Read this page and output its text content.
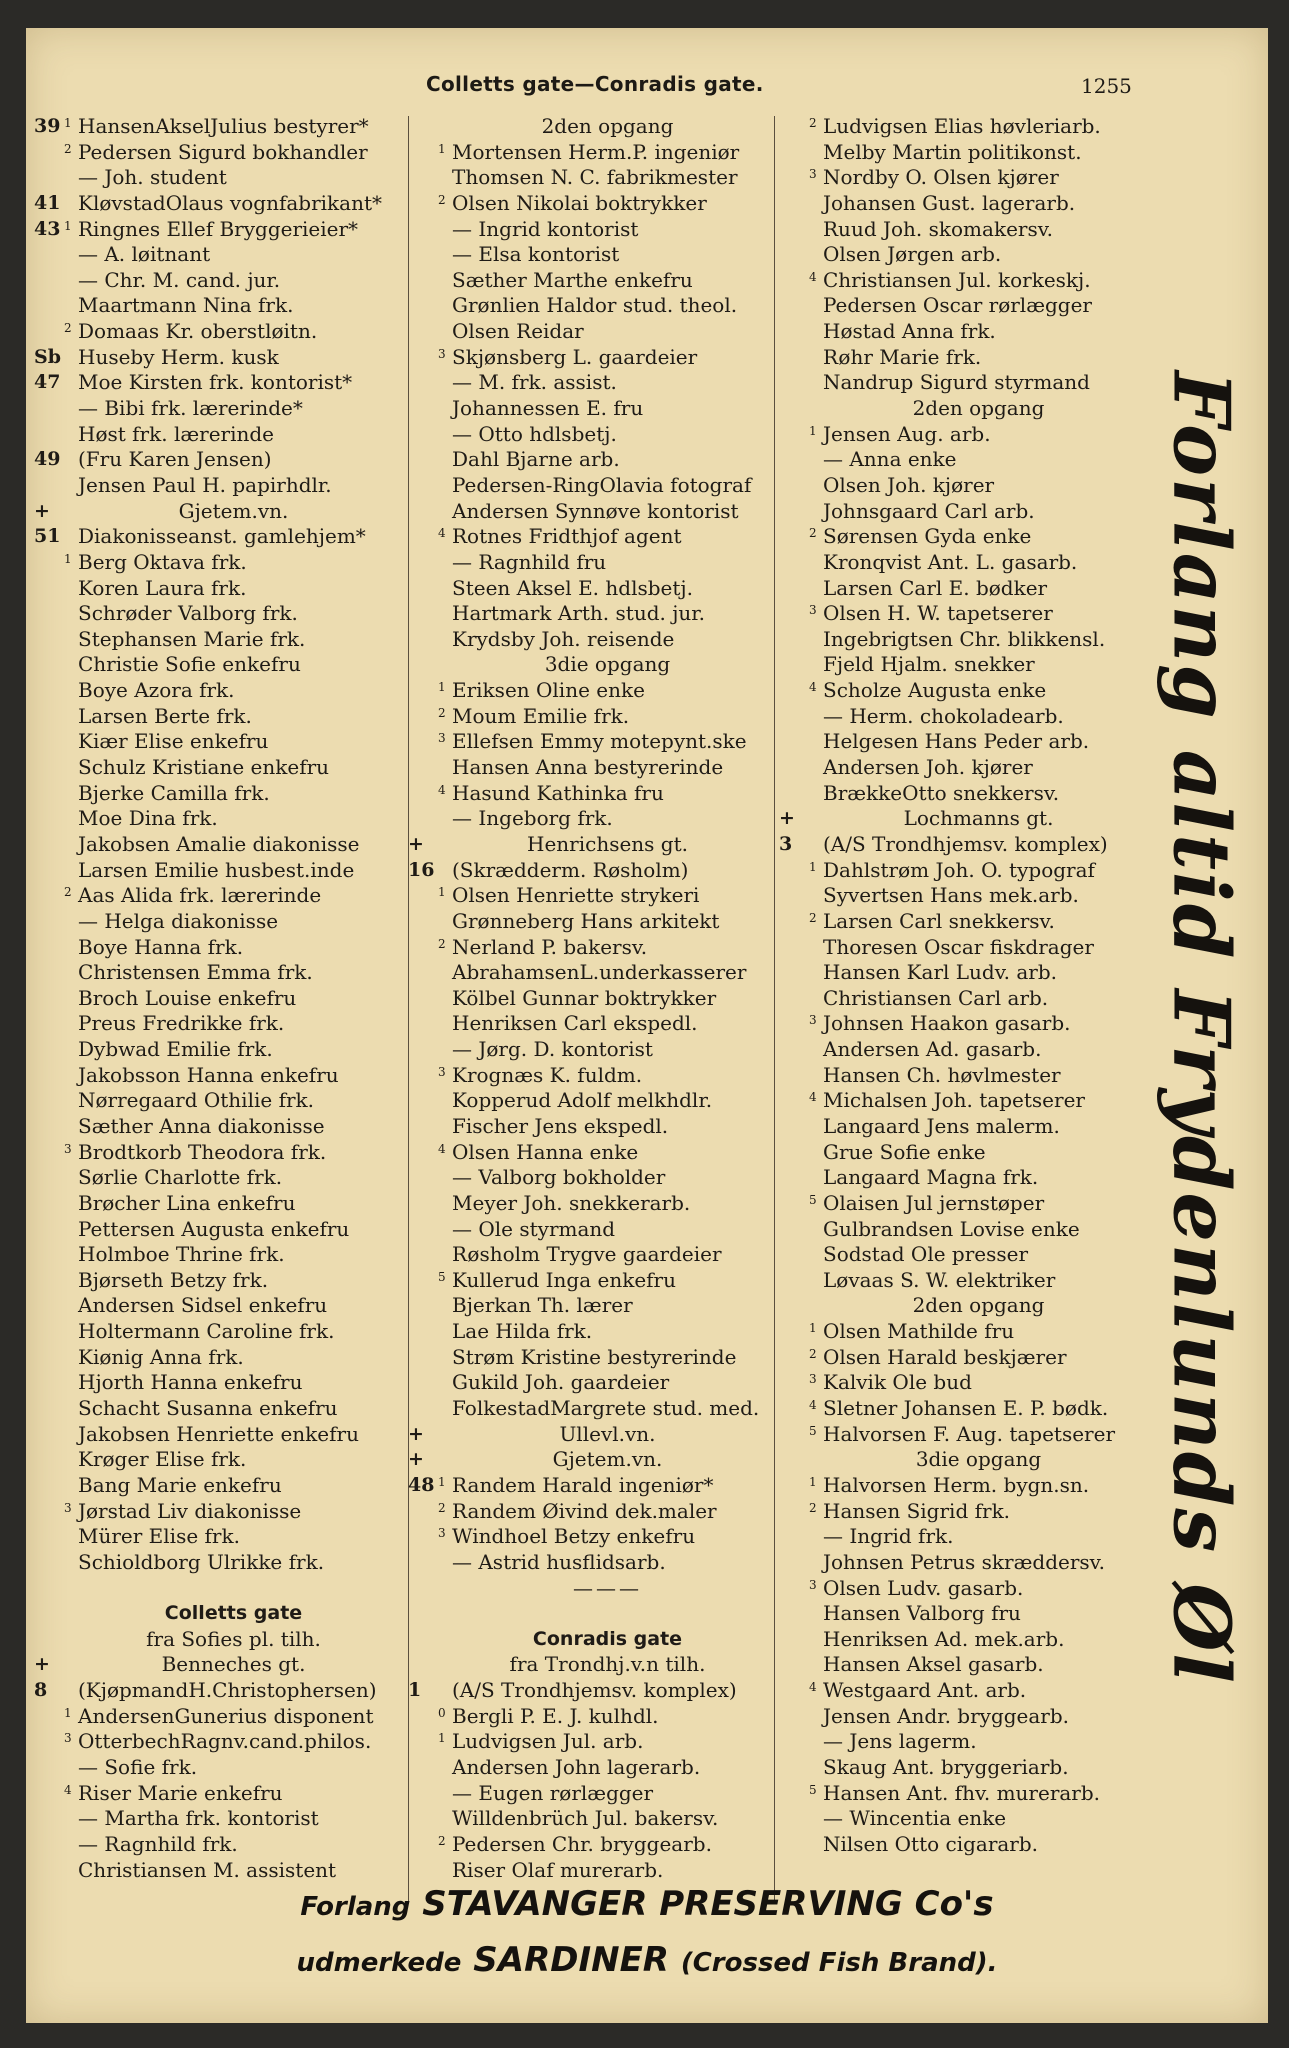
Colletts gate—Conradis gate.	1255
39 1 HansenAkselJulius bestyrer*
2 Pedersen Sigurd bokhandler
— Joh. student
41 KløvstadOlaus vognfabrikant*
43 1 Ringnes Ellef Bryggerieier*
— A. løitnant
— Chr. M. cand. jur.
Maartmann Nina frk.
2 Domaas Kr. oberstløitn.
Sb Huseby Herm. kusk
47 Moe Kirsten frk. kontorist*
— Bibi frk. lærerinde*
Høst frk. lærerinde
49 (Fru Karen Jensen)
Jensen Paul H. papirhdlr.
+	Gjetem.vn.
51 Diakonisseanst. gamlehjem*
1 Berg Oktava frk.
Koren Laura frk.
Schrøder Valborg frk.
Stephansen Marie frk.
Christie Sofie enkefru
Boye Azora frk.
Larsen Berte frk.
Kiær Elise enkefru
Schulz Kristiane enkefru
Bjerke Camilla frk.
Moe Dina frk.
Jakobsen Amalie diakonisse
Larsen Emilie husbest.inde
2 Aas Alida frk. lærerinde
— Helga diakonisse
Boye Hanna frk.
Christensen Emma frk.
Broch Louise enkefru
Preus Fredrikke frk.
Dybwad Emilie frk.
Jakobsson Hanna enkefru
Nørregaard Othilie frk.
Sæther Anna diakonisse
3 Brodtkorb Theodora frk.
Sørlie Charlotte frk.
Brøcher Lina enkefru
Pettersen Augusta enkefru
Holmboe Thrine frk.
Bjørseth Betzy frk.
Andersen Sidsel enkefru
Holtermann Caroline frk.
Kiønig Anna frk.
Hjorth Hanna enkefru
Schacht Susanna enkefru
Jakobsen Henriette enkefru
Krøger Elise frk.
Bang Marie enkefru
3 Jørstad Liv diakonisse
Mürer Elise frk.
Schioldborg Ulrikke frk.
Colletts gate
fra Sofies pl. tilh.
+	Benneches gt.
8	(KjøpmandH.Christophersen)
1 AndersenGunerius disponent
3 OtterbechRagnv.cand.philos.
— Sofie frk.
4 Riser Marie enkefru
— Martha frk. kontorist
— Ragnhild frk.
Christiansen M. assistent
2den opgang
1 Mortensen Herm.P. ingeniør
Thomsen N. C. fabrikmester
2 Olsen Nikolai boktrykker
— Ingrid kontorist
— Elsa kontorist
Sæther Marthe enkefru
Grønlien Haldor stud. theol.
Olsen Reidar
3 Skjønsberg L. gaardeier
— M. frk. assist.
Johannessen E. fru
— Otto hdlsbetj.
Dahl Bjarne arb.
Pedersen-RingOlavia fotograf
Andersen Synnøve kontorist
4 Rotnes Fridthjof agent
— Ragnhild fru
Steen Aksel E. hdlsbetj.
Hartmark Arth. stud. jur.
Krydsby Joh. reisende
3die opgang
1 Eriksen Oline enke
2 Moum Emilie frk.
3 Ellefsen Emmy motepynt.ske
Hansen Anna bestyrerinde
4 Hasund Kathinka fru
— Ingeborg frk.
+	Henrichsens gt.
16 (Skrædderm. Røsholm)
1 Olsen Henriette strykeri
Grønneberg Hans arkitekt
2 Nerland P. bakersv.
AbrahamsenL.underkasserer
Kölbel Gunnar boktrykker
Henriksen Carl ekspedl.
— Jørg. D. kontorist
3 Krognæs K. fuldm.
Kopperud Adolf melkhdlr.
Fischer Jens ekspedl.
4 Olsen Hanna enke
— Valborg bokholder
Meyer Joh. snekkerarb.
— Ole styrmand
Røsholm Trygve gaardeier
5 Kullerud Inga enkefru
Bjerkan Th. lærer
Lae Hilda frk.
Strøm Kristine bestyrerinde
Gukild Joh. gaardeier
FolkestadMargrete stud. med.
+	Ullevl.vn.
+	Gjetem.vn.
48 1 Randem Harald ingeniør*
2 Randem Øivind dek.maler
3 Windhoel Betzy enkefru
— Astrid husflidsarb.
———
Conradis gate
fra Trondhj.v.n tilh.
1	(A/S Trondhjemsv. komplex)
0 Bergli P. E. J. kulhdl.
1 Ludvigsen Jul. arb.
Andersen John lagerarb.
— Eugen rørlægger
Willdenbrüch Jul. bakersv.
2 Pedersen Chr. bryggearb.
Riser Olaf murerarb.
2 Ludvigsen Elias høvleriarb.
Melby Martin politikonst.
3 Nordby O. Olsen kjører
Johansen Gust. lagerarb.
Ruud Joh. skomakersv.
Olsen Jørgen arb.
4 Christiansen Jul. korkeskj.
Pedersen Oscar rørlægger
Høstad Anna frk.
Røhr Marie frk.
Nandrup Sigurd styrmand
2den opgang
1 Jensen Aug. arb.
— Anna enke
Olsen Joh. kjører
Johnsgaard Carl arb.
2 Sørensen Gyda enke
Kronqvist Ant. L. gasarb.
Larsen Carl E. bødker
3 Olsen H. W. tapetserer
Ingebrigtsen Chr. blikkensl.
Fjeld Hjalm. snekker
4 Scholze Augusta enke
— Herm. chokoladearb.
Helgesen Hans Peder arb.
Andersen Joh. kjører
BrækkeOtto snekkersv.
+	Lochmanns gt.
3	(A/S Trondhjemsv. komplex)
1 Dahlstrøm Joh. O. typograf
Syvertsen Hans mek.arb.
2 Larsen Carl snekkersv.
Thoresen Oscar fiskdrager
Hansen Karl Ludv. arb.
Christiansen Carl arb.
3 Johnsen Haakon gasarb.
Andersen Ad. gasarb.
Hansen Ch. høvlmester
4 Michalsen Joh. tapetserer
Langaard Jens malerm.
Grue Sofie enke
Langaard Magna frk.
5 Olaisen Jul jernstøper
Gulbrandsen Lovise enke
Sodstad Ole presser
Løvaas S. W. elektriker
2den opgang
1 Olsen Mathilde fru
2 Olsen Harald beskjærer
3 Kalvik Ole bud
4 Sletner Johansen E. P. bødk.
5 Halvorsen F. Aug. tapetserer
3die opgang
1 Halvorsen Herm. bygn.sn.
2 Hansen Sigrid frk.
— Ingrid frk.
Johnsen Petrus skræddersv.
3 Olsen Ludv. gasarb.
Hansen Valborg fru
Henriksen Ad. mek.arb.
Hansen Aksel gasarb.
4 Westgaard Ant. arb.
Jensen Andr. bryggearb.
— Jens lagerm.
Skaug Ant. bryggeriarb.
5 Hansen Ant. fhv. murerarb.
— Wincentia enke
Nilsen Otto cigararb.
Forlang altid Frydenlunds Øl
Forlang STAVANGER PRESERVING Co's
udmerkede SARDINER (Crossed Fish Brand).
